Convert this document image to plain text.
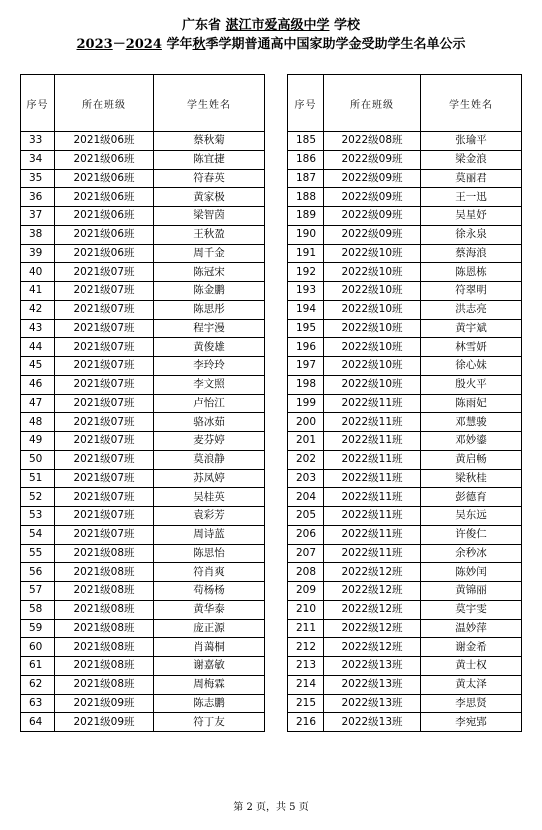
广东省 湛江市爱高级中学 学校
2023－2024 学年秋季学期普通高中国家助学金受助学生名单公示
序号	所在班级	学生姓名
33	2021级06班	蔡秋菊
34	2021级06班	陈宜捷
35	2021级06班	符春英
36	2021级06班	黄家极
37	2021级06班	梁智茵
38	2021级06班	王秋盈
39	2021级06班	周千金
40	2021级07班	陈冠宋
41	2021级07班	陈金鹏
42	2021级07班	陈思彤
43	2021级07班	程宇漫
44	2021级07班	黄俊雄
45	2021级07班	李玲玲
46	2021级07班	李文照
47	2021级07班	卢怡江
48	2021级07班	骆冰茹
49	2021级07班	麦芬婷
50	2021级07班	莫浪静
51	2021级07班	苏凤婷
52	2021级07班	吴桂英
53	2021级07班	袁彩芳
54	2021级07班	周诗蓝
55	2021级08班	陈思怡
56	2021级08班	符肖爽
57	2021级08班	苟杨杨
58	2021级08班	黄华泰
59	2021级08班	庞正源
60	2021级08班	肖蔼桐
61	2021级08班	谢嘉敏
62	2021级08班	周梅霖
63	2021级09班	陈志鹏
64	2021级09班	符丁友
序号	所在班级	学生姓名
185	2022级08班	张瑜平
186	2022级09班	梁金浪
187	2022级09班	莫丽君
188	2022级09班	王一迅
189	2022级09班	吴星妤
190	2022级09班	徐永泉
191	2022级10班	蔡海浪
192	2022级10班	陈恩栋
193	2022级10班	符翠明
194	2022级10班	洪志亮
195	2022级10班	黄宇斌
196	2022级10班	林雪妍
197	2022级10班	徐心妹
198	2022级10班	殷火平
199	2022级11班	陈雨妃
200	2022级11班	邓慧骏
201	2022级11班	邓妙鎏
202	2022级11班	黄启畅
203	2022级11班	梁秋桂
204	2022级11班	彭德育
205	2022级11班	吴东远
206	2022级11班	许俊仁
207	2022级11班	余秒冰
208	2022级12班	陈妙闰
209	2022级12班	黄锦丽
210	2022级12班	莫宇雯
211	2022级12班	温妙萍
212	2022级12班	谢金希
213	2022级13班	黄士权
214	2022级13班	黄太泽
215	2022级13班	李思贤
216	2022级13班	李宛郢
第 2 页，共 5 页
